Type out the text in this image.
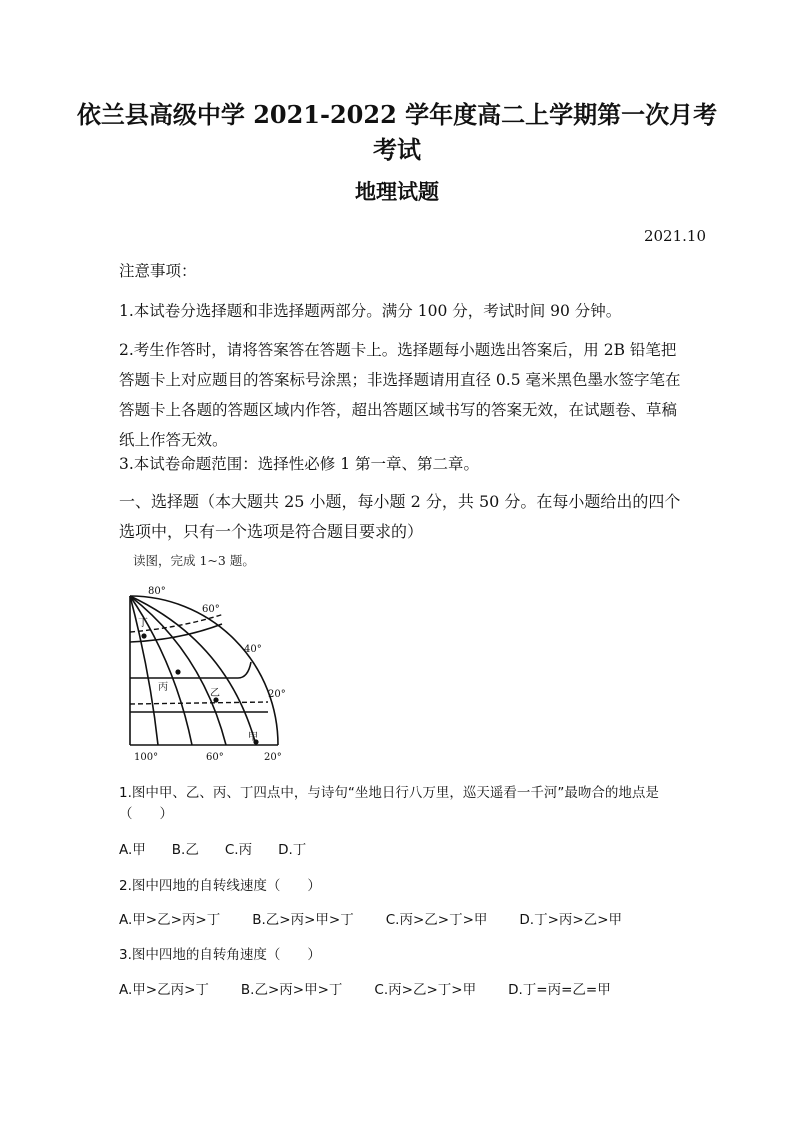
依兰县高级中学 2021-2022 学年度高二上学期第一次月考
考试
地理试题
2021.10
注意事项：
1.本试卷分选择题和非选择题两部分。满分 100 分，考试时间 90 分钟。
2.考生作答时，请将答案答在答题卡上。选择题每小题选出答案后，用 2B 铅笔把答题卡上对应题目的答案标号涂黑；非选择题请用直径 0.5 毫米黑色墨水签字笔在答题卡上各题的答题区域内作答，超出答题区域书写的答案无效，在试题卷、草稿纸上作答无效。
3.本试卷命题范围：选择性必修 1 第一章、第二章。
一、选择题（本大题共 25 小题，每小题 2 分，共 50 分。在每小题给出的四个选项中，只有一个选项是符合题目要求的）
读图，完成 1~3 题。
80°
60°
40°
20°
100°	60°	20°
丁
丙
乙
甲
1.图中甲、乙、丙、丁四点中，与诗句“坐地日行八万里，巡天遥看一千河”最吻合的地点是（　　）
A.甲 B.乙 C.丙 D.丁
2.图中四地的自转线速度（　　）
A.甲>乙>丙>丁 B.乙>丙>甲>丁 C.丙>乙>丁>甲 D.丁>丙>乙>甲
3.图中四地的自转角速度（　　）
A.甲>乙丙>丁 B.乙>丙>甲>丁 C.丙>乙>丁>甲 D.丁=丙=乙=甲
